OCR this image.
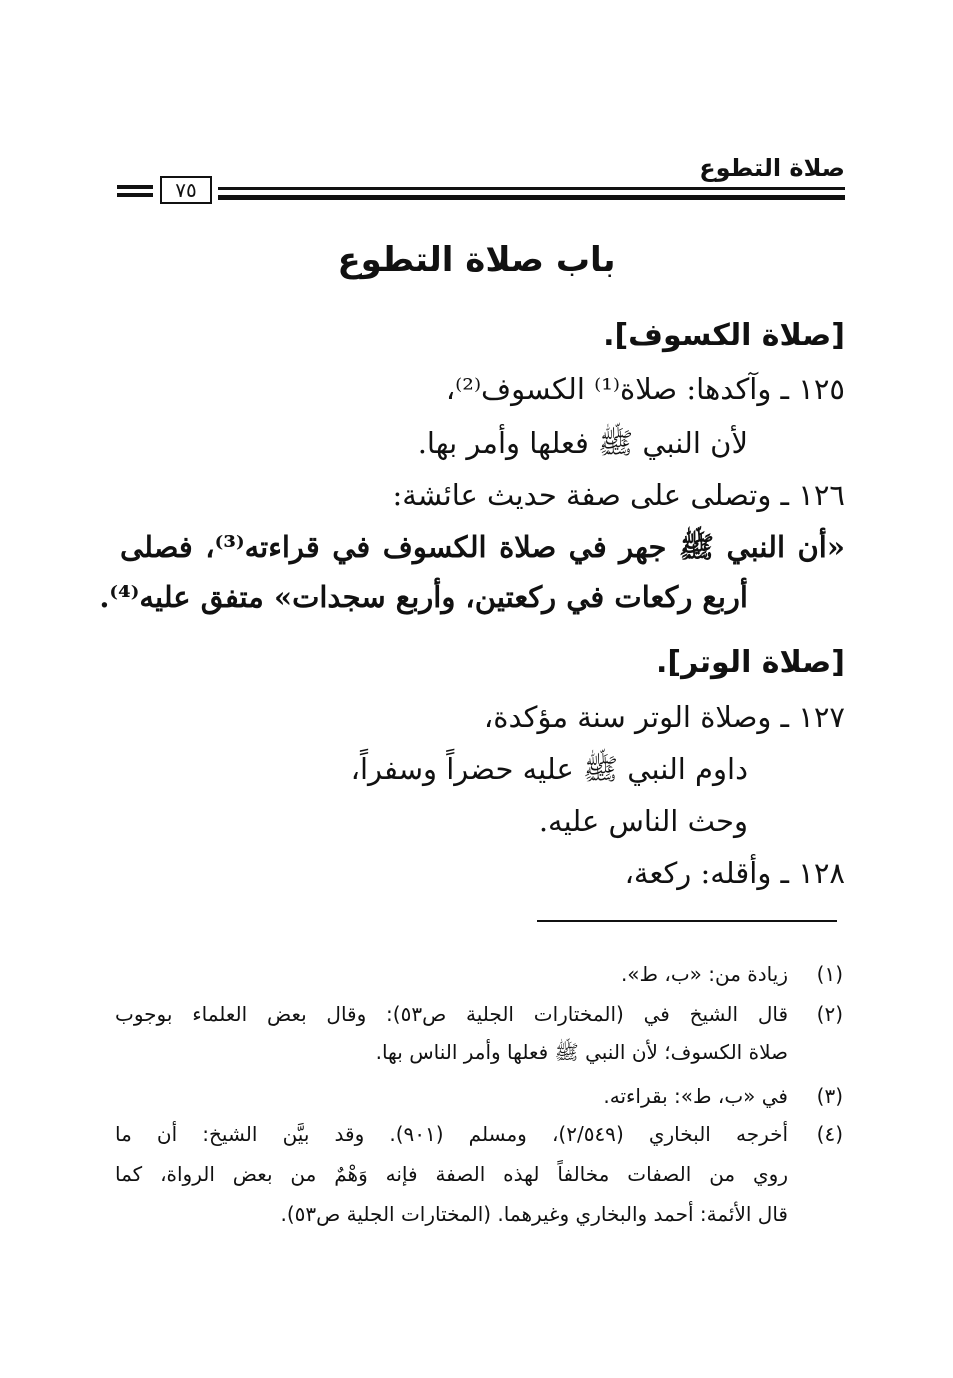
صلاة التطوع
٧٥
باب صلاة التطوع
[صلاة الكسوف].
١٢٥ ـ وآكدها: صلاة⁽¹⁾ الكسوف⁽²⁾،
لأن النبي ﷺ فعلها وأمر بها.
١٢٦ ـ وتصلى على صفة حديث عائشة:
«أن النبي ﷺ جهر في صلاة الكسوف في قراءته⁽³⁾، فصلى
أربع ركعات في ركعتين، وأربع سجدات» متفق عليه⁽⁴⁾.
[صلاة الوتر].
١٢٧ ـ وصلاة الوتر سنة مؤكدة،
داوم النبي ﷺ عليه حضراً وسفراً،
وحث الناس عليه.
١٢٨ ـ وأقله: ركعة،
(١)
زيادة من: «ب، ط».
(٢)
قال الشيخ في (المختارات الجلية ص٥٣): وقال بعض العلماء بوجوب
صلاة الكسوف؛ لأن النبي ﷺ فعلها وأمر الناس بها.
(٣)
في «ب، ط»: بقراءته.
(٤)
أخرجه البخاري (٢/٥٤٩)، ومسلم (٩٠١). وقد بيَّن الشيخ: أن ما
روي من الصفات مخالفاً لهذه الصفة فإنه وَهْمٌ من بعض الرواة، كما
قال الأئمة: أحمد والبخاري وغيرهما. (المختارات الجلية ص٥٣).
